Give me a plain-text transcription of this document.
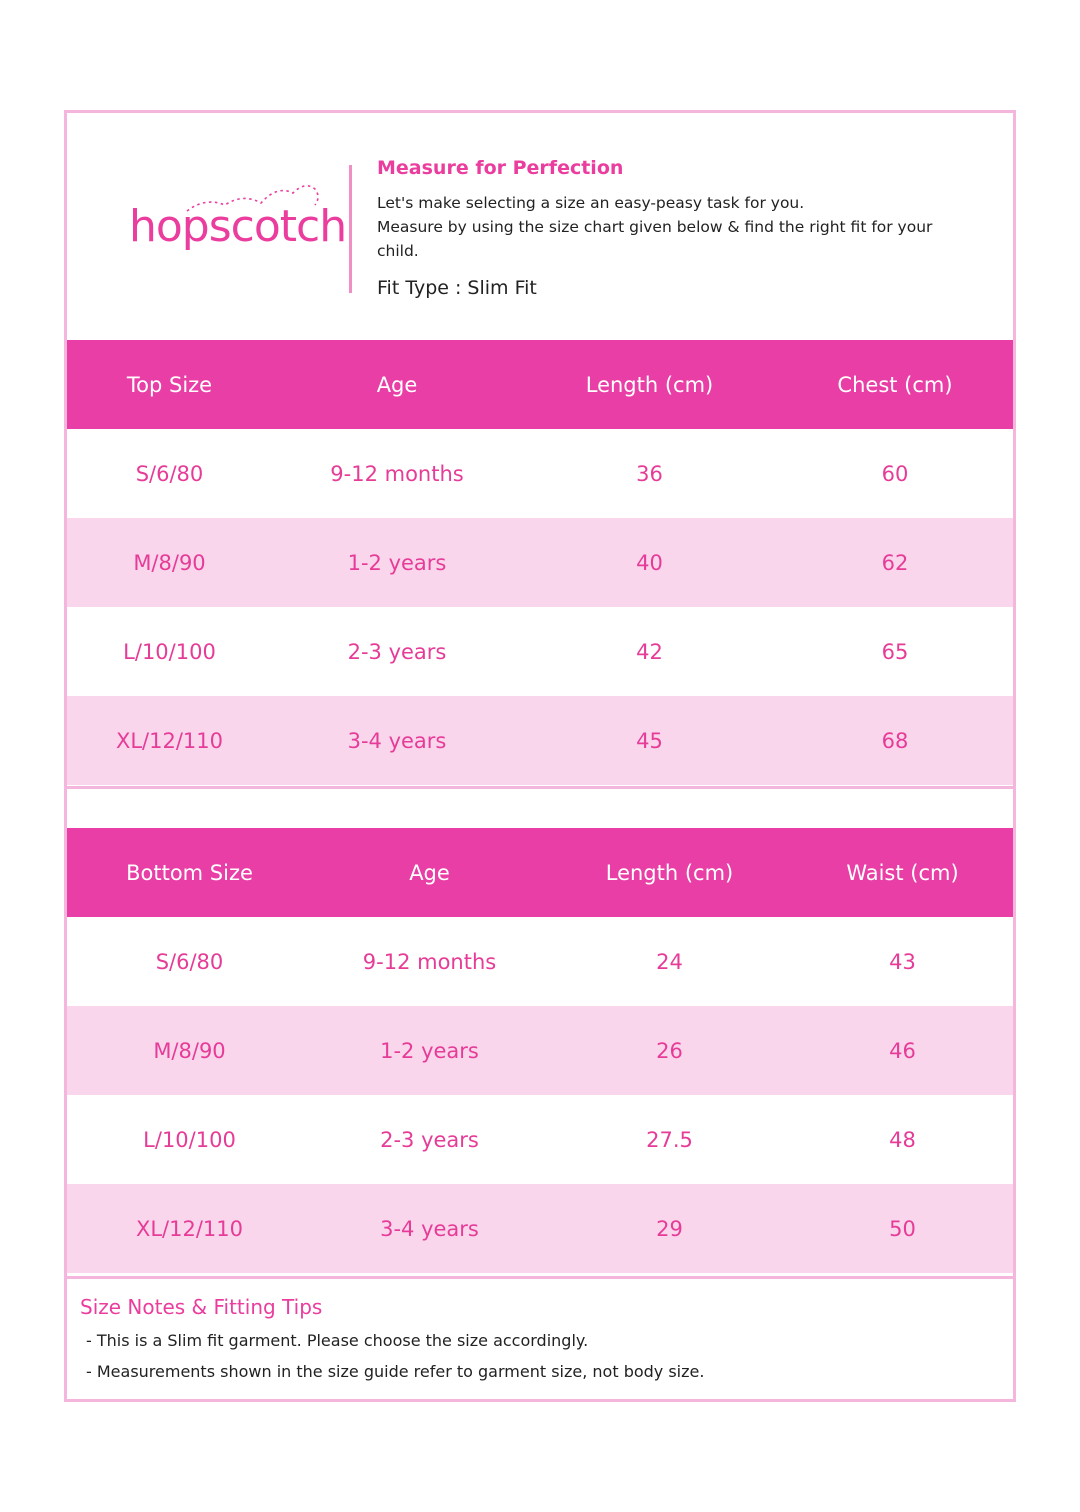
hopscotch
Measure for Perfection
Let's make selecting a size an easy-peasy task for you.
Measure by using the size chart given below & find the right fit for your
child.
Fit Type : Slim Fit
Top Size	Age	Length (cm)	Chest (cm)
S/6/80	9-12 months	36	60
M/8/90	1-2 years	40	62
L/10/100	2-3 years	42	65
XL/12/110	3-4 years	45	68
Bottom Size	Age	Length (cm)	Waist (cm)
S/6/80	9-12 months	24	43
M/8/90	1-2 years	26	46
L/10/100	2-3 years	27.5	48
XL/12/110	3-4 years	29	50
Size Notes & Fitting Tips
- This is a Slim fit garment. Please choose the size accordingly.
- Measurements shown in the size guide refer to garment size, not body size.
